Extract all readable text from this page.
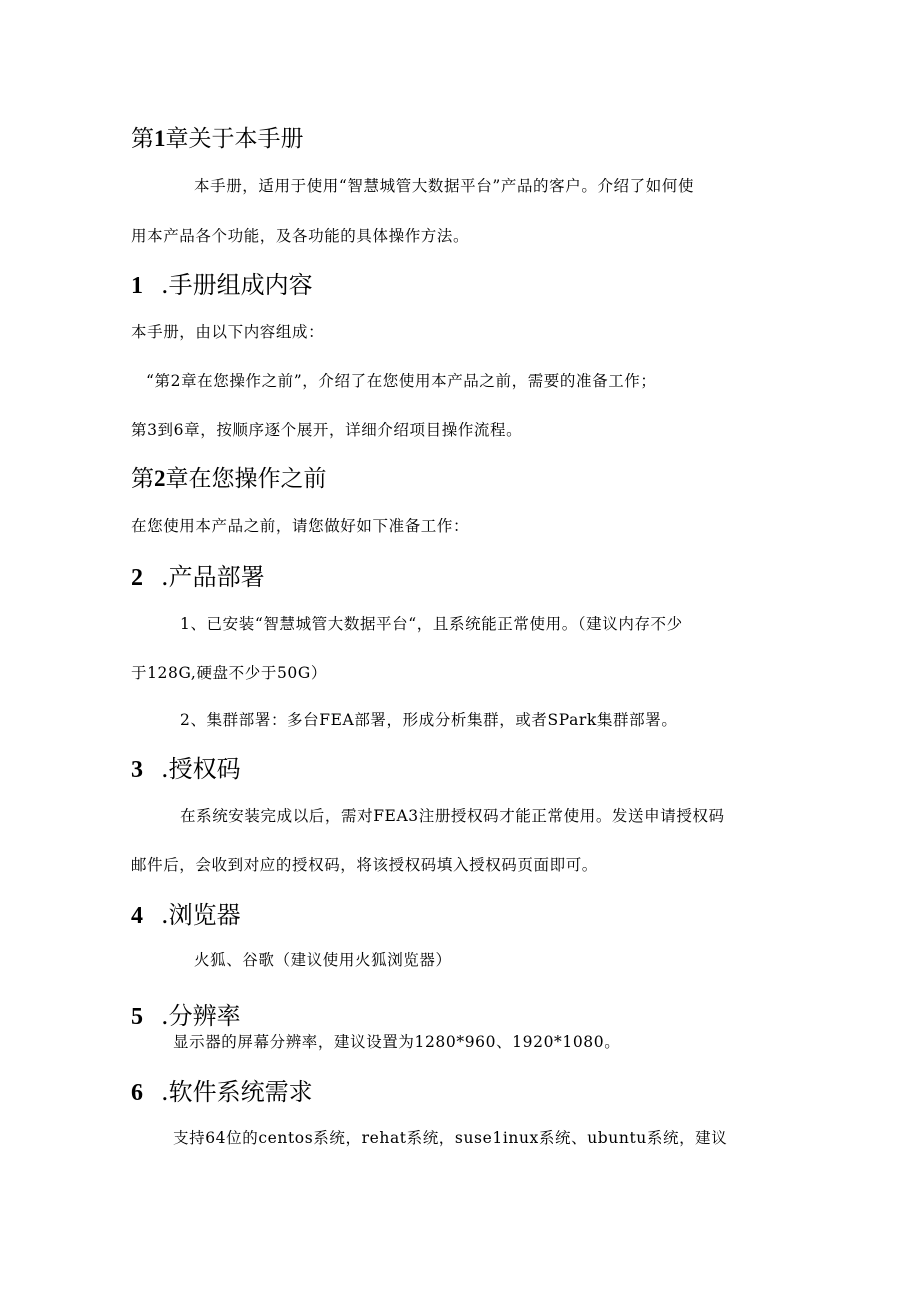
第1章关于本手册

本手册，适用于使用“智慧城管大数据平台”产品的客户。介绍了如何使

用本产品各个功能，及各功能的具体操作方法。

1 .手册组成内容

本手册，由以下内容组成：

“第2章在您操作之前”，介绍了在您使用本产品之前，需要的准备工作；

第3到6章，按顺序逐个展开，详细介绍项目操作流程。

第2章在您操作之前

在您使用本产品之前，请您做好如下准备工作：

2 .产品部署

1、已安装“智慧城管大数据平台“，且系统能正常使用。（建议内存不少

于128G,硬盘不少于50G）

2、集群部署：多台FEA部署，形成分析集群，或者SPark集群部署。

3 .授权码

在系统安装完成以后，需对FEA3注册授权码才能正常使用。发送申请授权码

邮件后，会收到对应的授权码，将该授权码填入授权码页面即可。

4 .浏览器

火狐、谷歌（建议使用火狐浏览器）

5 .分辨率

显示器的屏幕分辨率，建议设置为1280*960、1920*1080。

6 .软件系统需求

支持64位的centos系统，rehat系统，suse1inux系统、ubuntu系统，建议
